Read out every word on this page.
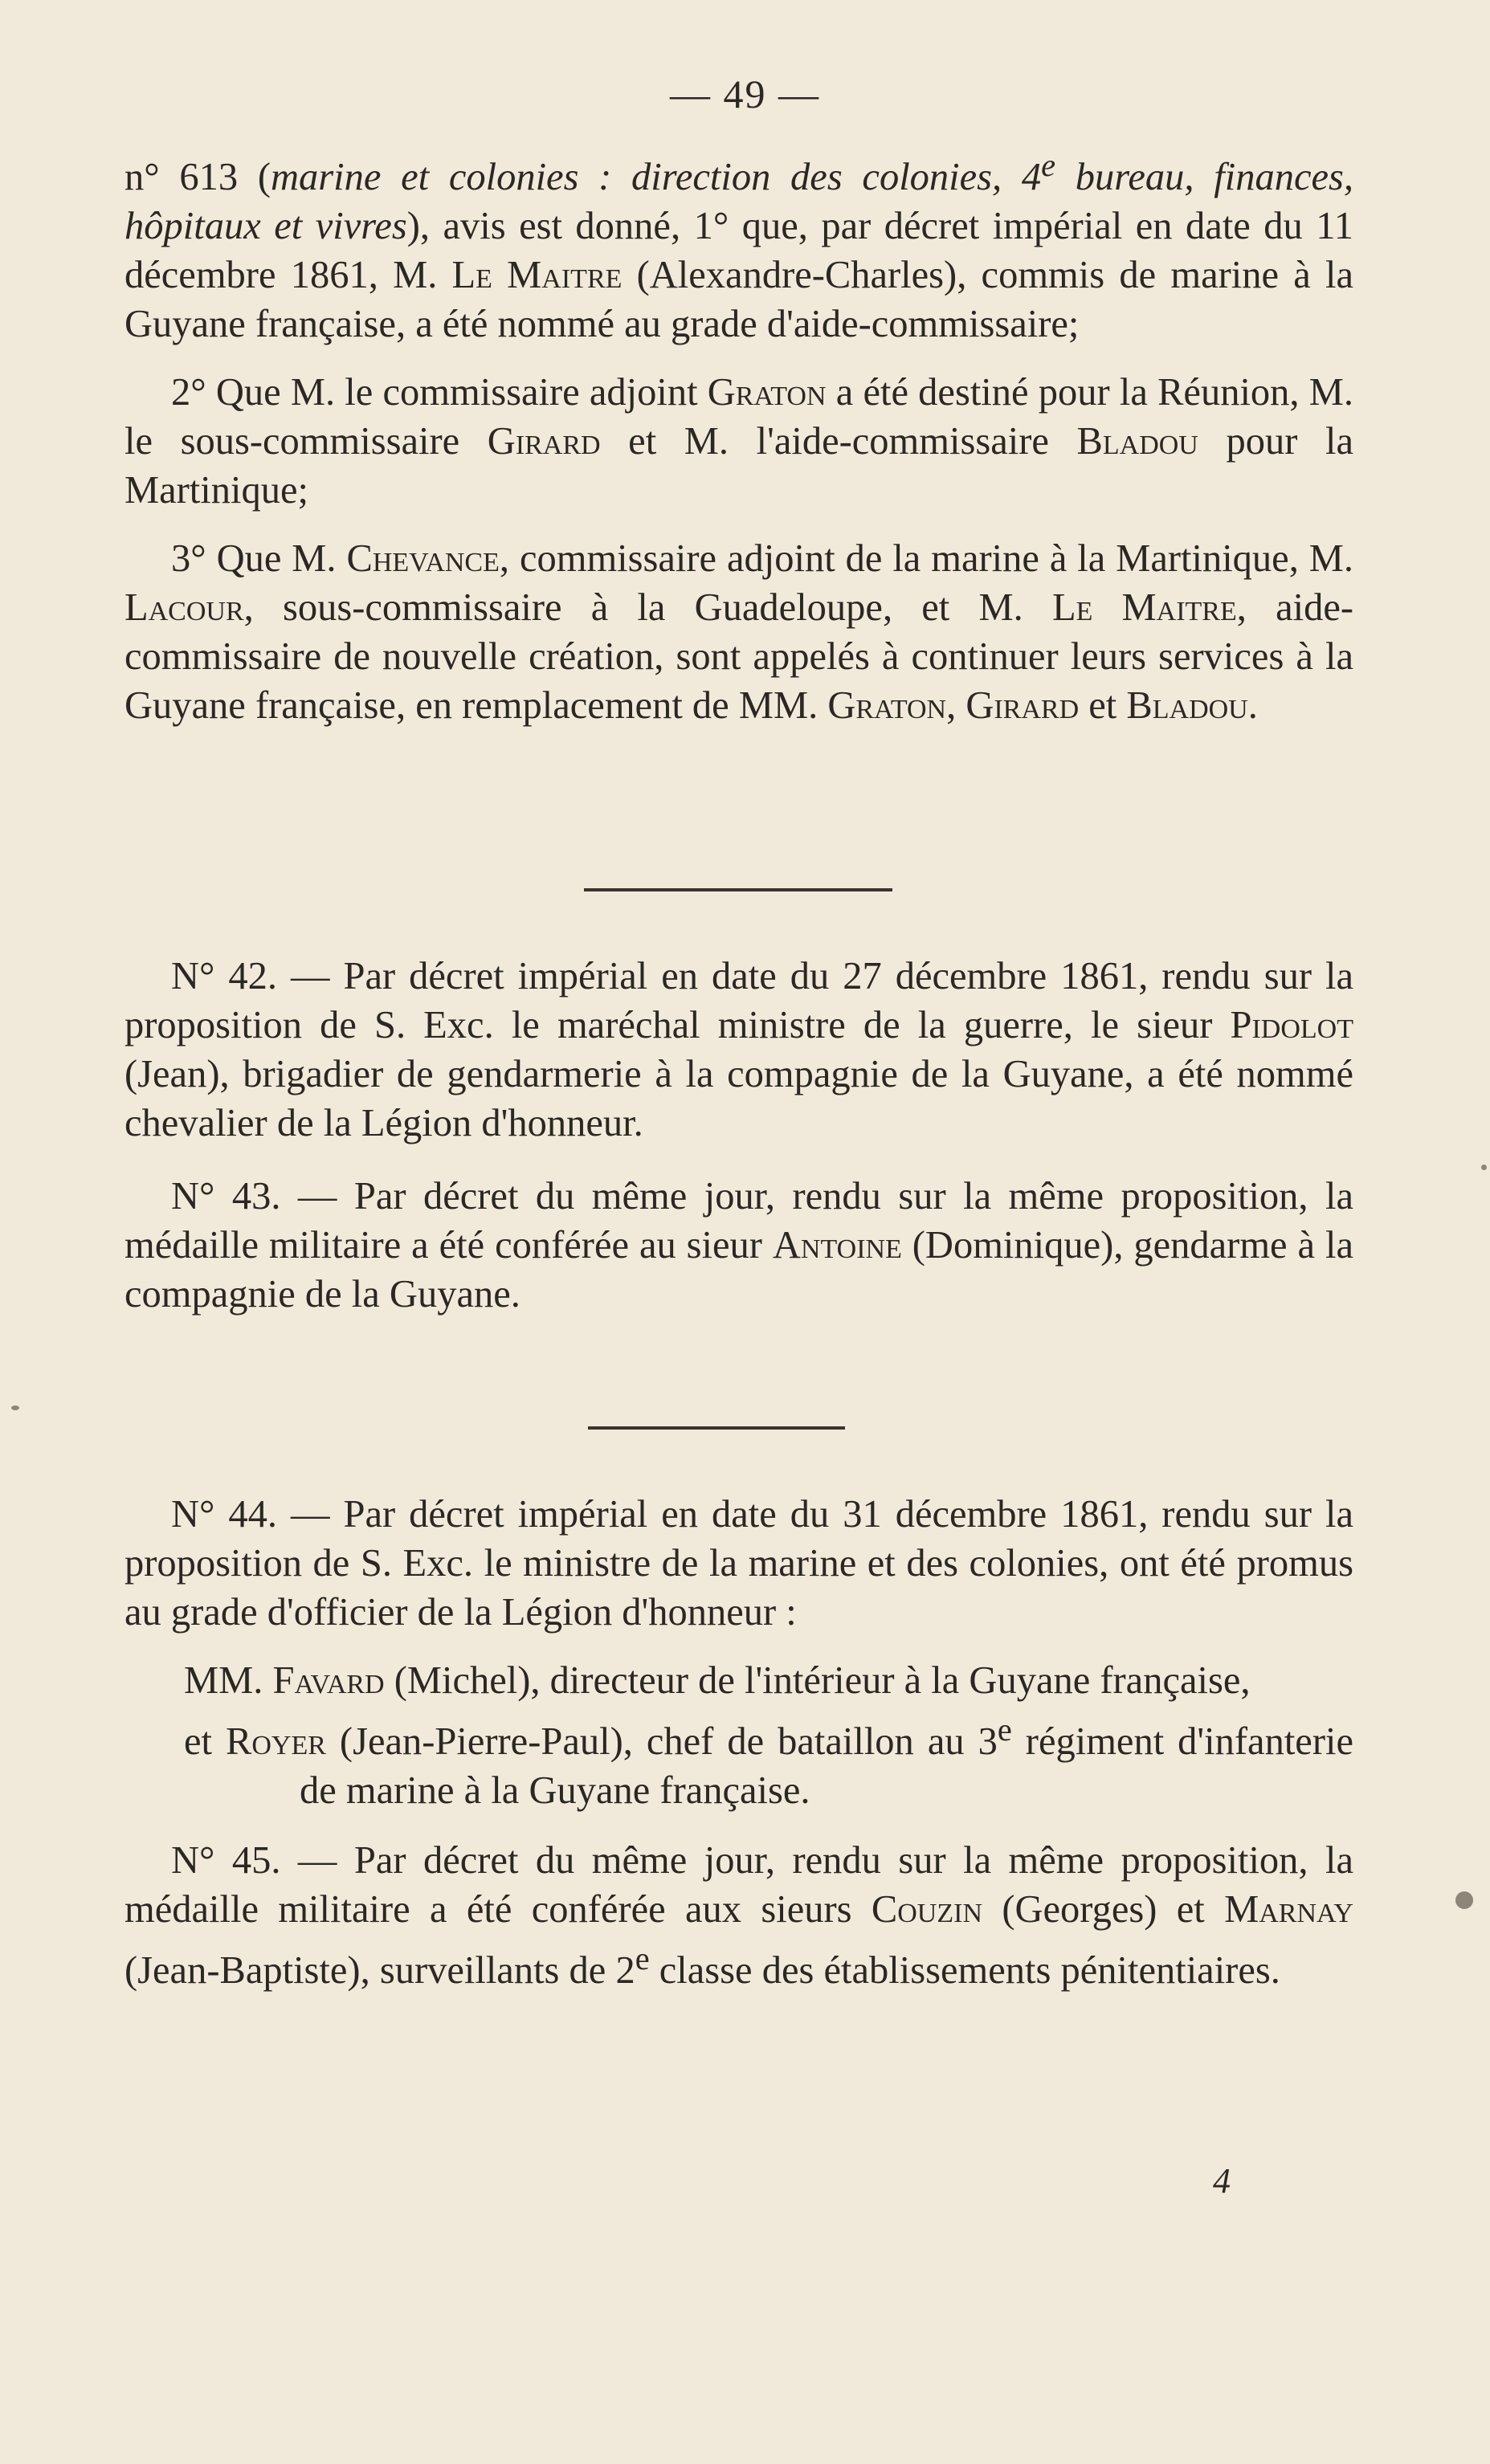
— 49 —

n° 613 (marine et colonies : direction des colonies, 4e bureau, finances, hôpitaux et vivres), avis est donné, 1° que, par décret impérial en date du 11 décembre 1861, M. Le Maitre (Alexandre-Charles), commis de marine à la Guyane française, a été nommé au grade d'aide-commissaire;

2° Que M. le commissaire adjoint Graton a été destiné pour la Réunion, M. le sous-commissaire Girard et M. l'aide-commissaire Bladou pour la Martinique;

3° Que M. Chevance, commissaire adjoint de la marine à la Martinique, M. Lacour, sous-commissaire à la Guadeloupe, et M. Le Maitre, aide-commissaire de nouvelle création, sont appelés à continuer leurs services à la Guyane française, en remplacement de MM. Graton, Girard et Bladou.

N° 42. — Par décret impérial en date du 27 décembre 1861, rendu sur la proposition de S. Exc. le maréchal ministre de la guerre, le sieur Pidolot (Jean), brigadier de gendarmerie à la compagnie de la Guyane, a été nommé chevalier de la Légion d'honneur.

N° 43. — Par décret du même jour, rendu sur la même proposition, la médaille militaire a été conférée au sieur Antoine (Dominique), gendarme à la compagnie de la Guyane.

N° 44. — Par décret impérial en date du 31 décembre 1861, rendu sur la proposition de S. Exc. le ministre de la marine et des colonies, ont été promus au grade d'officier de la Légion d'honneur :

MM. Favard (Michel), directeur de l'intérieur à la Guyane française,

et Royer (Jean-Pierre-Paul), chef de bataillon au 3e régiment d'infanterie de marine à la Guyane française.

N° 45. — Par décret du même jour, rendu sur la même proposition, la médaille militaire a été conférée aux sieurs Couzin (Georges) et Marnay (Jean-Baptiste), surveillants de 2e classe des établissements pénitentiaires.

4
